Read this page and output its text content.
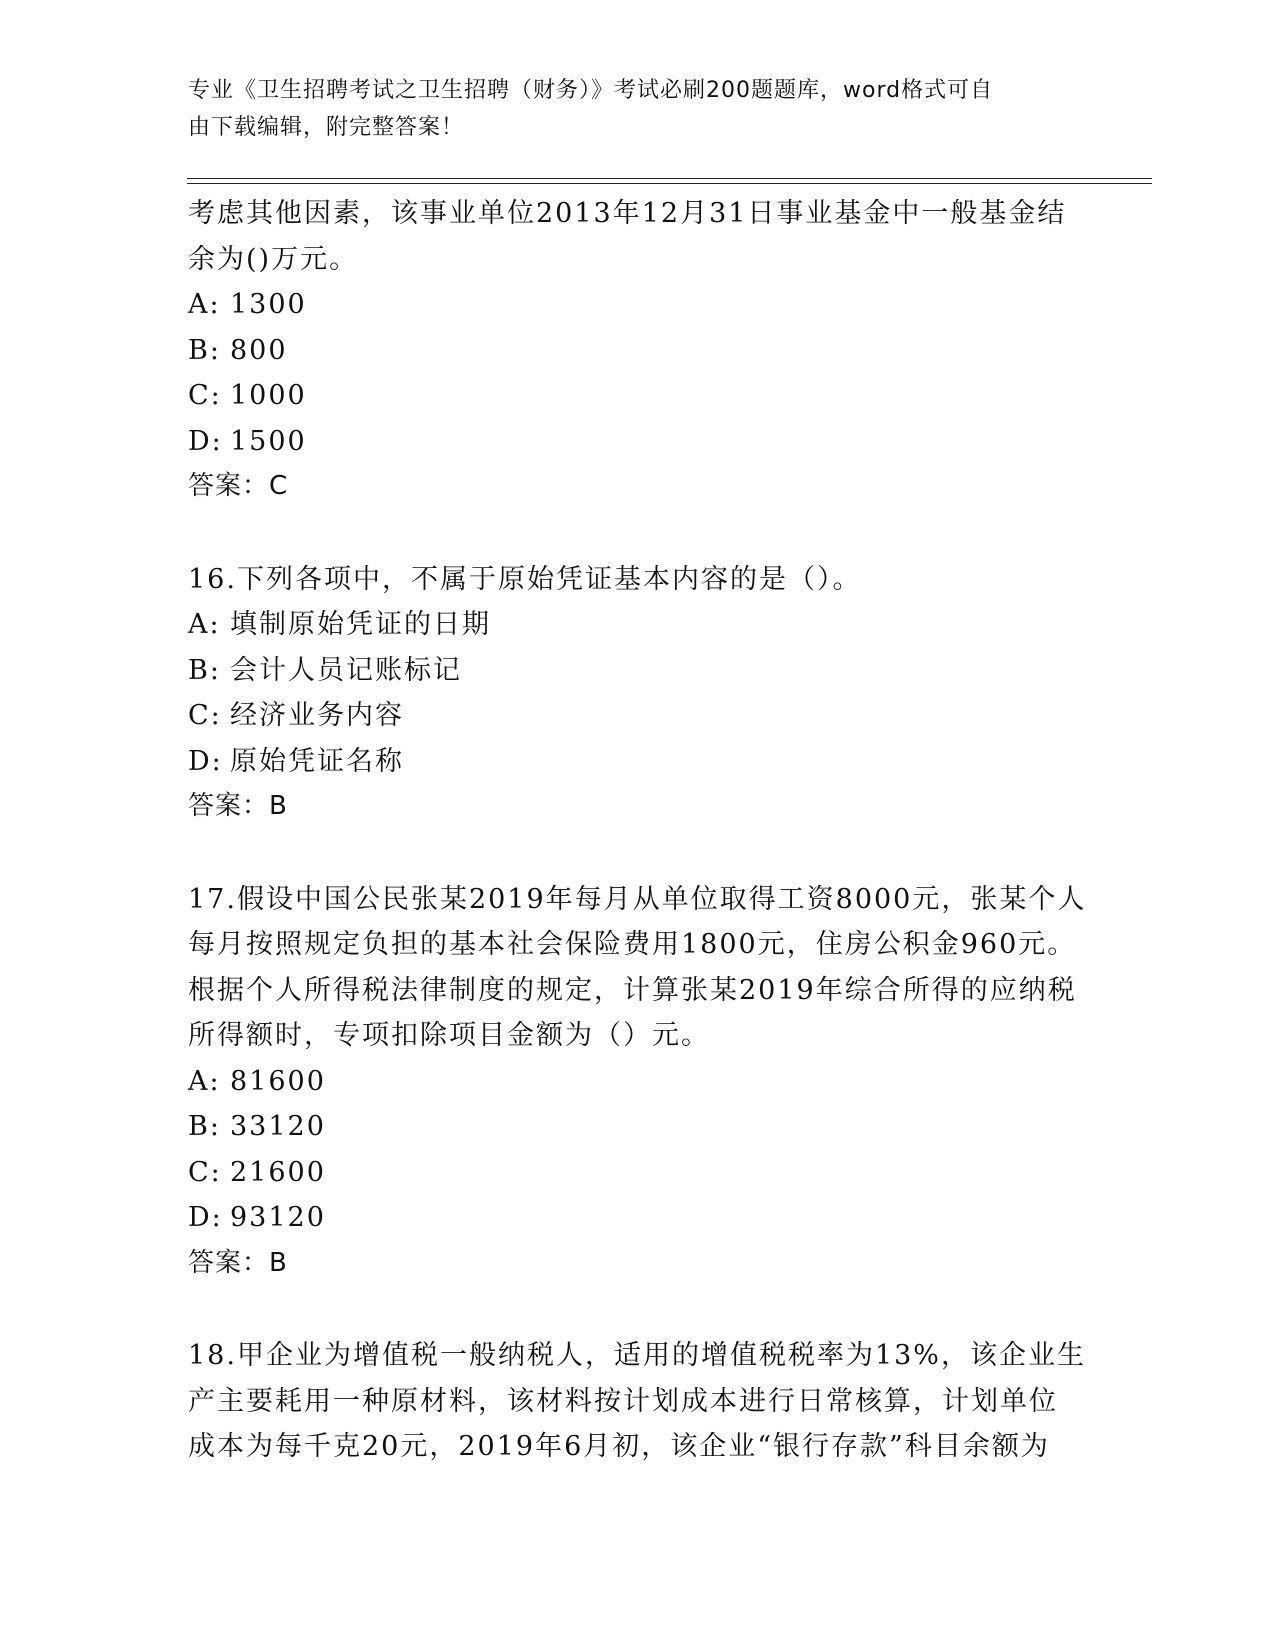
专业《卫生招聘考试之卫生招聘（财务）》考试必刷200题题库，word格式可自
由下载编辑，附完整答案！

考虑其他因素，该事业单位2013年12月31日事业基金中一般基金结

余为()万元。

A: 1300

B: 800

C: 1000

D: 1500

答案：C

16.下列各项中，不属于原始凭证基本内容的是（）。

A: 填制原始凭证的日期

B: 会计人员记账标记

C: 经济业务内容

D: 原始凭证名称

答案：B

17.假设中国公民张某2019年每月从单位取得工资8000元，张某个人

每月按照规定负担的基本社会保险费用1800元，住房公积金960元。

根据个人所得税法律制度的规定，计算张某2019年综合所得的应纳税

所得额时，专项扣除项目金额为（）元。

A: 81600

B: 33120

C: 21600

D: 93120

答案：B

18.甲企业为增值税一般纳税人，适用的增值税税率为13%，该企业生

产主要耗用一种原材料，该材料按计划成本进行日常核算，计划单位

成本为每千克20元，2019年6月初，该企业“银行存款”科目余额为
